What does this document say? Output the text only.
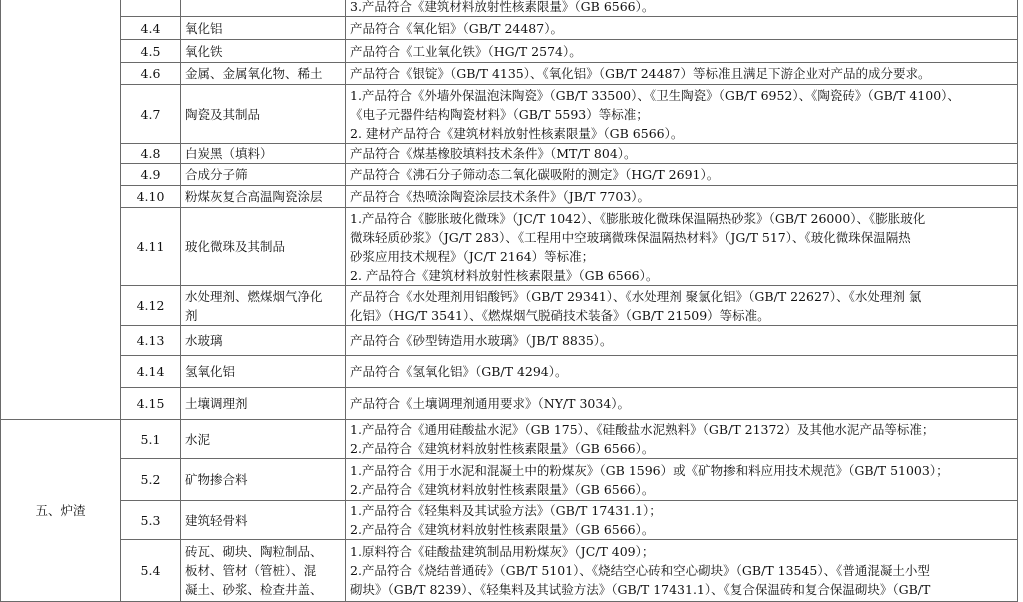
			3.产品符合《建筑材料放射性核素限量》（GB 6566）。

	4.4	氧化铝	产品符合《氧化铝》（GB/T 24487）。

	4.5	氧化铁	产品符合《工业氧化铁》（HG/T 2574）。

	4.6	金属、金属氧化物、稀土	产品符合《银锭》（GB/T 4135）、《氧化铝》（GB/T 24487）等标准且满足下游企业对产品的成分要求。

	4.7	陶瓷及其制品	1.产品符合《外墙外保温泡沫陶瓷》（GB/T 33500）、《卫生陶瓷》（GB/T 6952）、《陶瓷砖》（GB/T 4100）、
《电子元器件结构陶瓷材料》（GB/T 5593）等标准；
2. 建材产品符合《建筑材料放射性核素限量》（GB 6566）。

	4.8	白炭黑（填料）	产品符合《煤基橡胶填料技术条件》（MT/T 804）。

	4.9	合成分子筛	产品符合《沸石分子筛动态二氧化碳吸附的测定》（HG/T 2691）。

	4.10	粉煤灰复合高温陶瓷涂层	产品符合《热喷涂陶瓷涂层技术条件》（JB/T 7703）。

	4.11	玻化微珠及其制品	1.产品符合《膨胀玻化微珠》（JC/T 1042）、《膨胀玻化微珠保温隔热砂浆》（GB/T 26000）、《膨胀玻化
微珠轻质砂浆》（JG/T 283）、《工程用中空玻璃微珠保温隔热材料》（JG/T 517）、《玻化微珠保温隔热
砂浆应用技术规程》（JC/T 2164）等标准；
2. 产品符合《建筑材料放射性核素限量》（GB 6566）。

	4.12	水处理剂、燃煤烟气净化
剂	产品符合《水处理剂用铝酸钙》（GB/T 29341）、《水处理剂 聚氯化铝》（GB/T 22627）、《水处理剂 氯
化铝》（HG/T 3541）、《燃煤烟气脱硝技术装备》（GB/T 21509）等标准。

	4.13	水玻璃	产品符合《砂型铸造用水玻璃》（JB/T 8835）。

	4.14	氢氧化铝	产品符合《氢氧化铝》（GB/T 4294）。

	4.15	土壤调理剂	产品符合《土壤调理剂通用要求》（NY/T 3034）。

五、炉渣	5.1	水泥	1.产品符合《通用硅酸盐水泥》（GB 175）、《硅酸盐水泥熟料》（GB/T 21372）及其他水泥产品等标准；
2.产品符合《建筑材料放射性核素限量》（GB 6566）。

	5.2	矿物掺合料	1.产品符合《用于水泥和混凝土中的粉煤灰》（GB 1596）或《矿物掺和料应用技术规范》（GB/T 51003）；
2.产品符合《建筑材料放射性核素限量》（GB 6566）。

	5.3	建筑轻骨料	1.产品符合《轻集料及其试验方法》（GB/T 17431.1）；
2.产品符合《建筑材料放射性核素限量》（GB 6566）。

	5.4	砖瓦、砌块、陶粒制品、
板材、管材（管桩）、混
凝土、砂浆、检查井盖、	1.原料符合《硅酸盐建筑制品用粉煤灰》（JC/T 409）；
2.产品符合《烧结普通砖》（GB/T 5101）、《烧结空心砖和空心砌块》（GB/T 13545）、《普通混凝土小型
砌块》（GB/T 8239）、《轻集料及其试验方法》（GB/T 17431.1）、《复合保温砖和复合保温砌块》（GB/T
